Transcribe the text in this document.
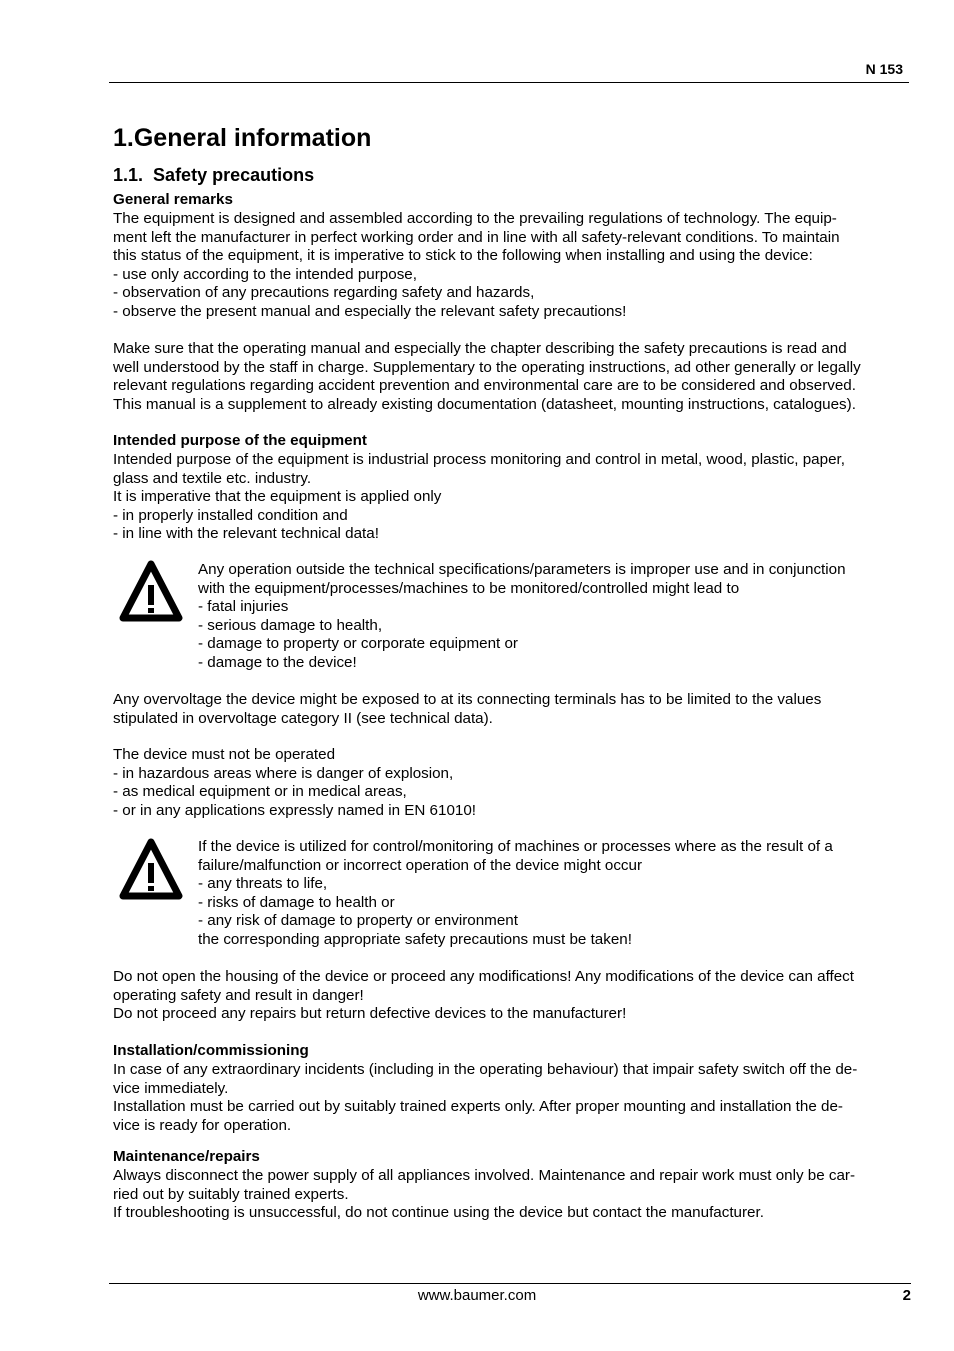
N 153
1.General information
1.1. Safety precautions
General remarks
The equipment is designed and assembled according to the prevailing regulations of technology. The equip-
ment left the manufacturer in perfect working order and in line with all safety-relevant conditions. To maintain
this status of the equipment, it is imperative to stick to the following when installing and using the device:
- use only according to the intended purpose,
- observation of any precautions regarding safety and hazards,
- observe the present manual and especially the relevant safety precautions!
Make sure that the operating manual and especially the chapter describing the safety precautions is read and
well understood by the staff in charge. Supplementary to the operating instructions, ad other generally or legally
relevant regulations regarding accident prevention and environmental care are to be considered and observed.
This manual is a supplement to already existing documentation (datasheet, mounting instructions, catalogues).
Intended purpose of the equipment
Intended purpose of the equipment is industrial process monitoring and control in metal, wood, plastic, paper,
glass and textile etc. industry.
It is imperative that the equipment is applied only
- in properly installed condition and
- in line with the relevant technical data!
Any operation outside the technical specifications/parameters is improper use and in conjunction
with the equipment/processes/machines to be monitored/controlled might lead to
- fatal injuries
- serious damage to health,
- damage to property or corporate equipment or
- damage to the device!
Any overvoltage the device might be exposed to at its connecting terminals has to be limited to the values
stipulated in overvoltage category II (see technical data).
The device must not be operated
- in hazardous areas where is danger of explosion,
- as medical equipment or in medical areas,
- or in any applications expressly named in EN 61010!
If the device is utilized for control/monitoring of machines or processes where as the result of a
failure/malfunction or incorrect operation of the device might occur
- any threats to life,
- risks of damage to health or
- any risk of damage to property or environment
the corresponding appropriate safety precautions must be taken!
Do not open the housing of the device or proceed any modifications! Any modifications of the device can affect
operating safety and result in danger!
Do not proceed any repairs but return defective devices to the manufacturer!
Installation/commissioning
In case of any extraordinary incidents (including in the operating behaviour) that impair safety switch off the de-
vice immediately.
Installation must be carried out by suitably trained experts only. After proper mounting and installation the de-
vice is ready for operation.
Maintenance/repairs
Always disconnect the power supply of all appliances involved. Maintenance and repair work must only be car-
ried out by suitably trained experts.
If troubleshooting is unsuccessful, do not continue using the device but contact the manufacturer.
www.baumer.com	2
